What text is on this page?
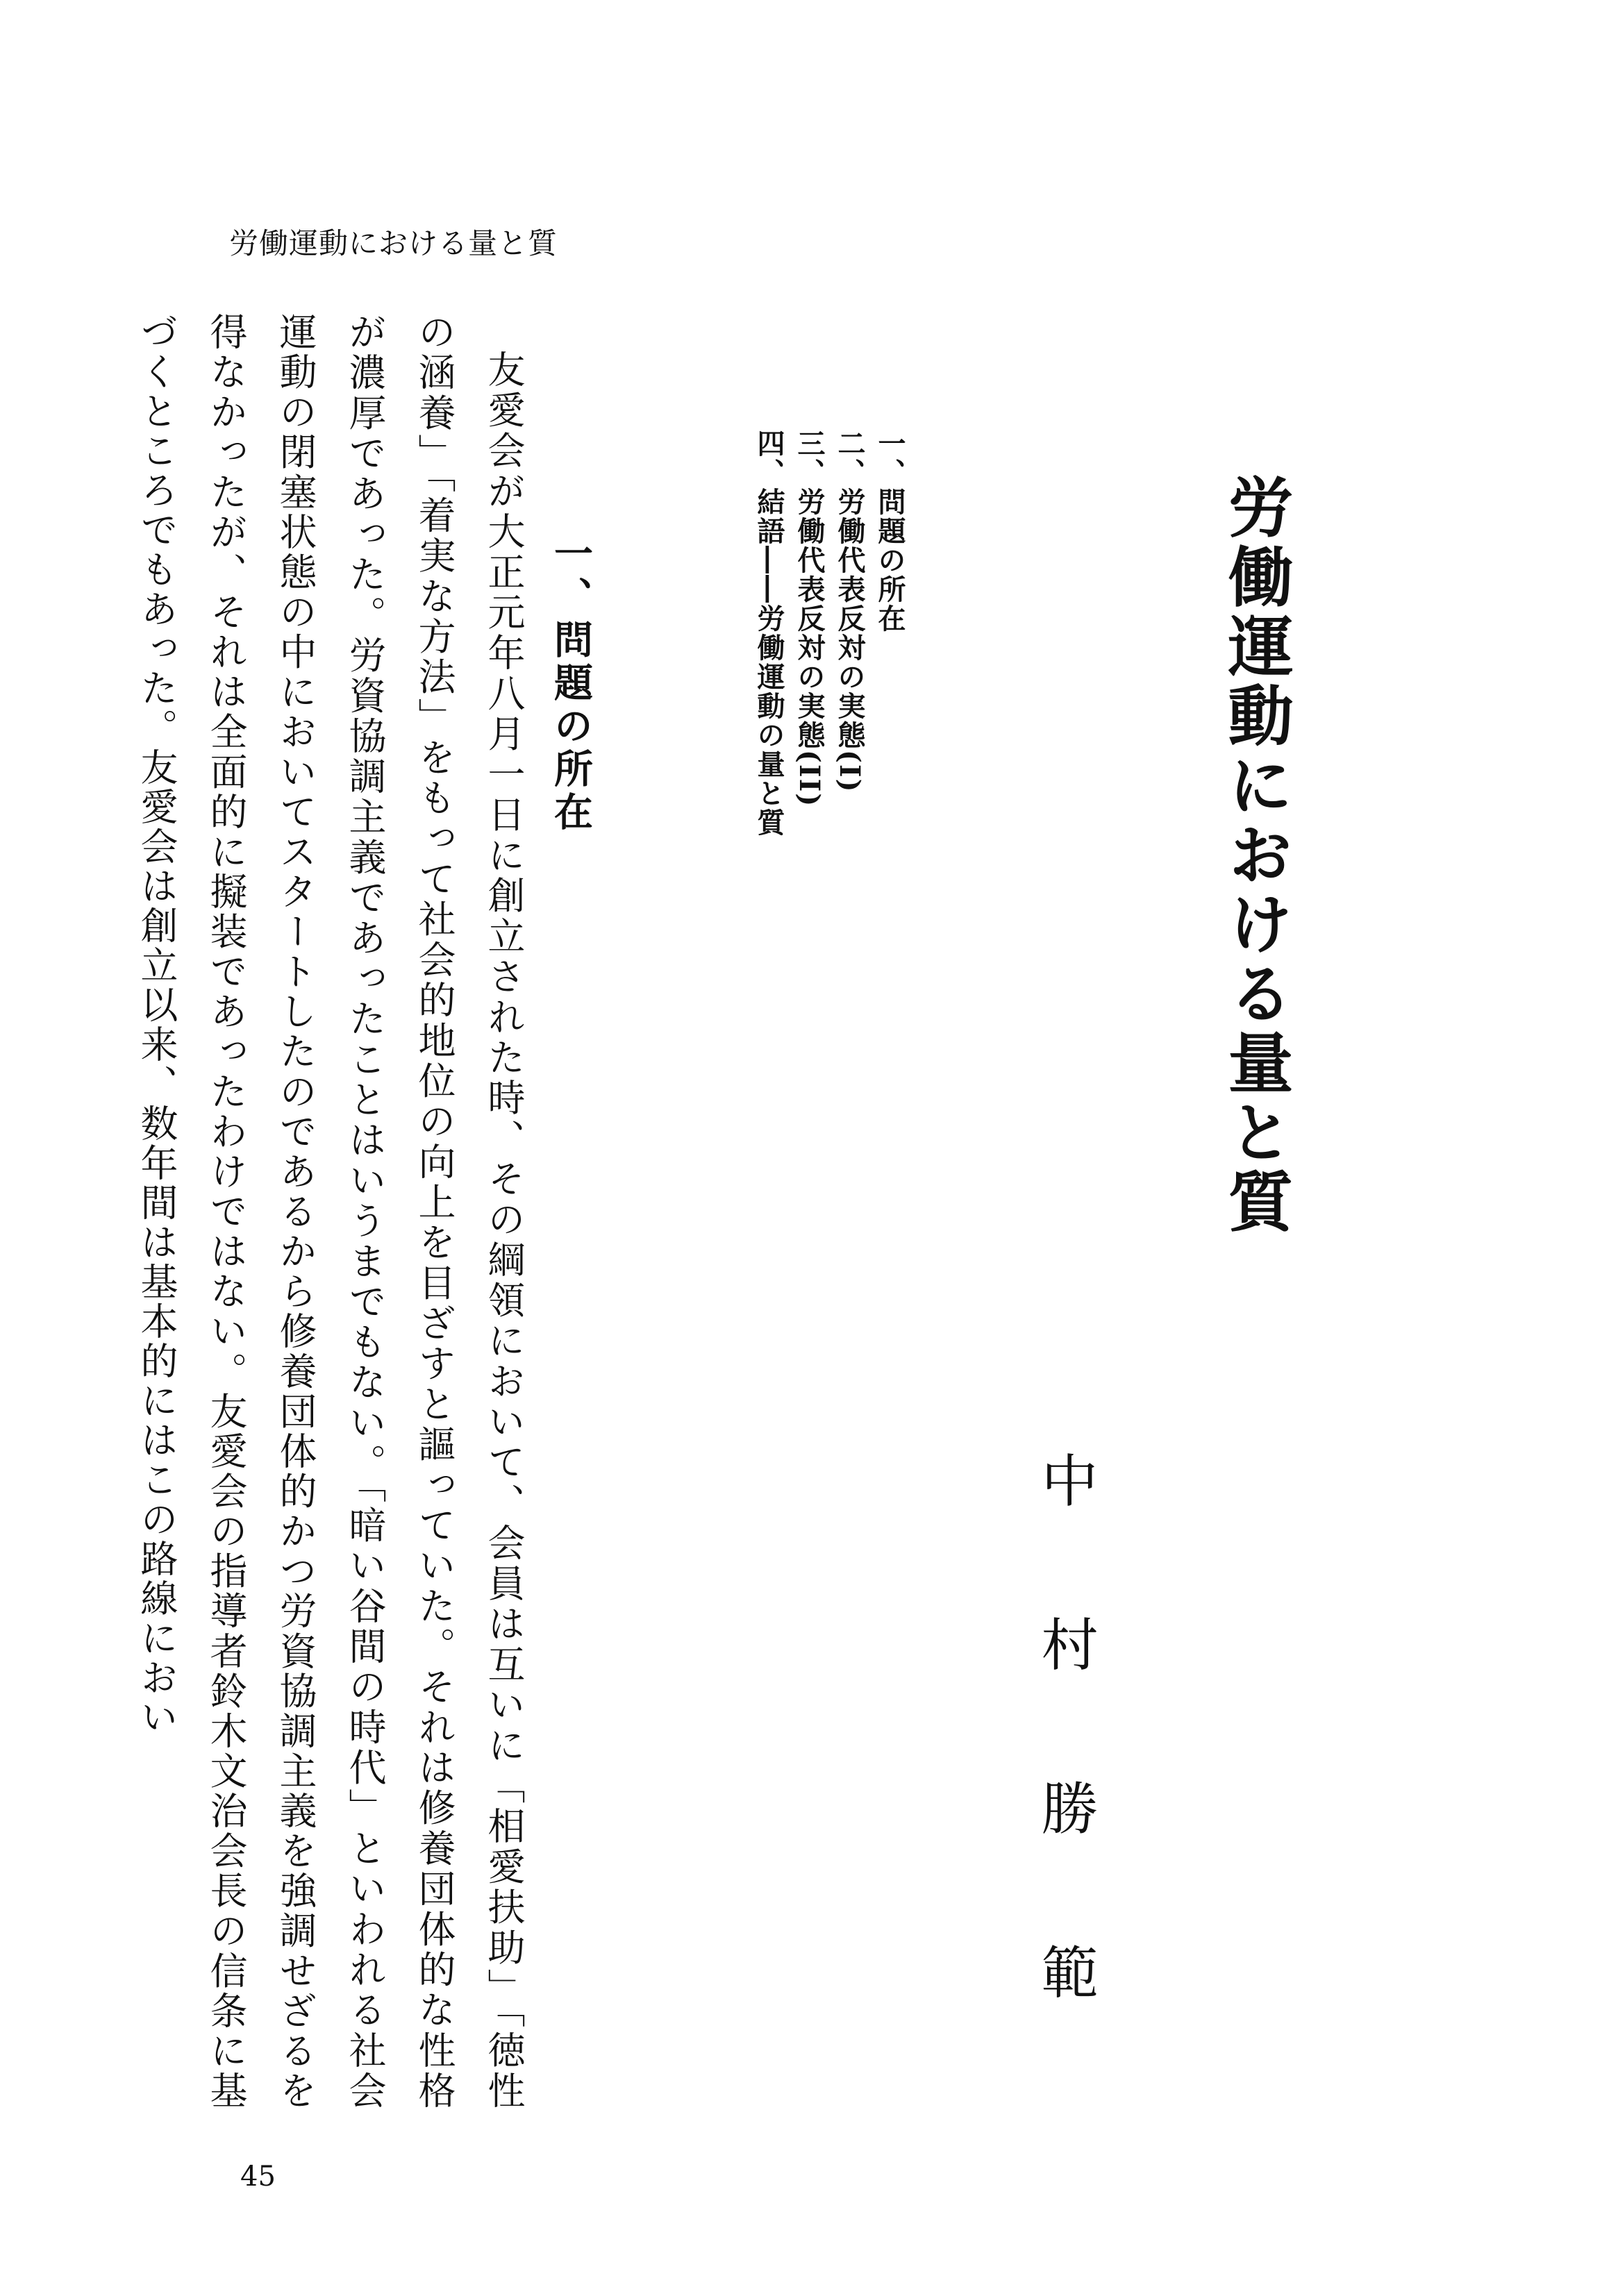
労働運動における量と質
労働運動における量と質
中村勝範
一、問題の所在
二、労働代表反対の実態(I)
三、労働代表反対の実態(II)
四、結語――労働運動の量と質
一、問題の所在

友愛会が大正元年八月一日に創立された時、その綱領において、会員は互いに「相愛扶助」「徳性の涵養」「着実な方法」をもって社会的地位の向上を目ざすと謳っていた。それは修養団体的な性格が濃厚であった。労資協調主義であったことはいうまでもない。「暗い谷間の時代」といわれる社会運動の閉塞状態の中においてスタートしたのであるから修養団体的かつ労資協調主義を強調せざるを得なかったが、それは全面的に擬装であったわけではない。友愛会の指導者鈴木文治会長の信条に基づくところでもあった。友愛会は創立以来、数年間は基本的にはこの路線におい

45
